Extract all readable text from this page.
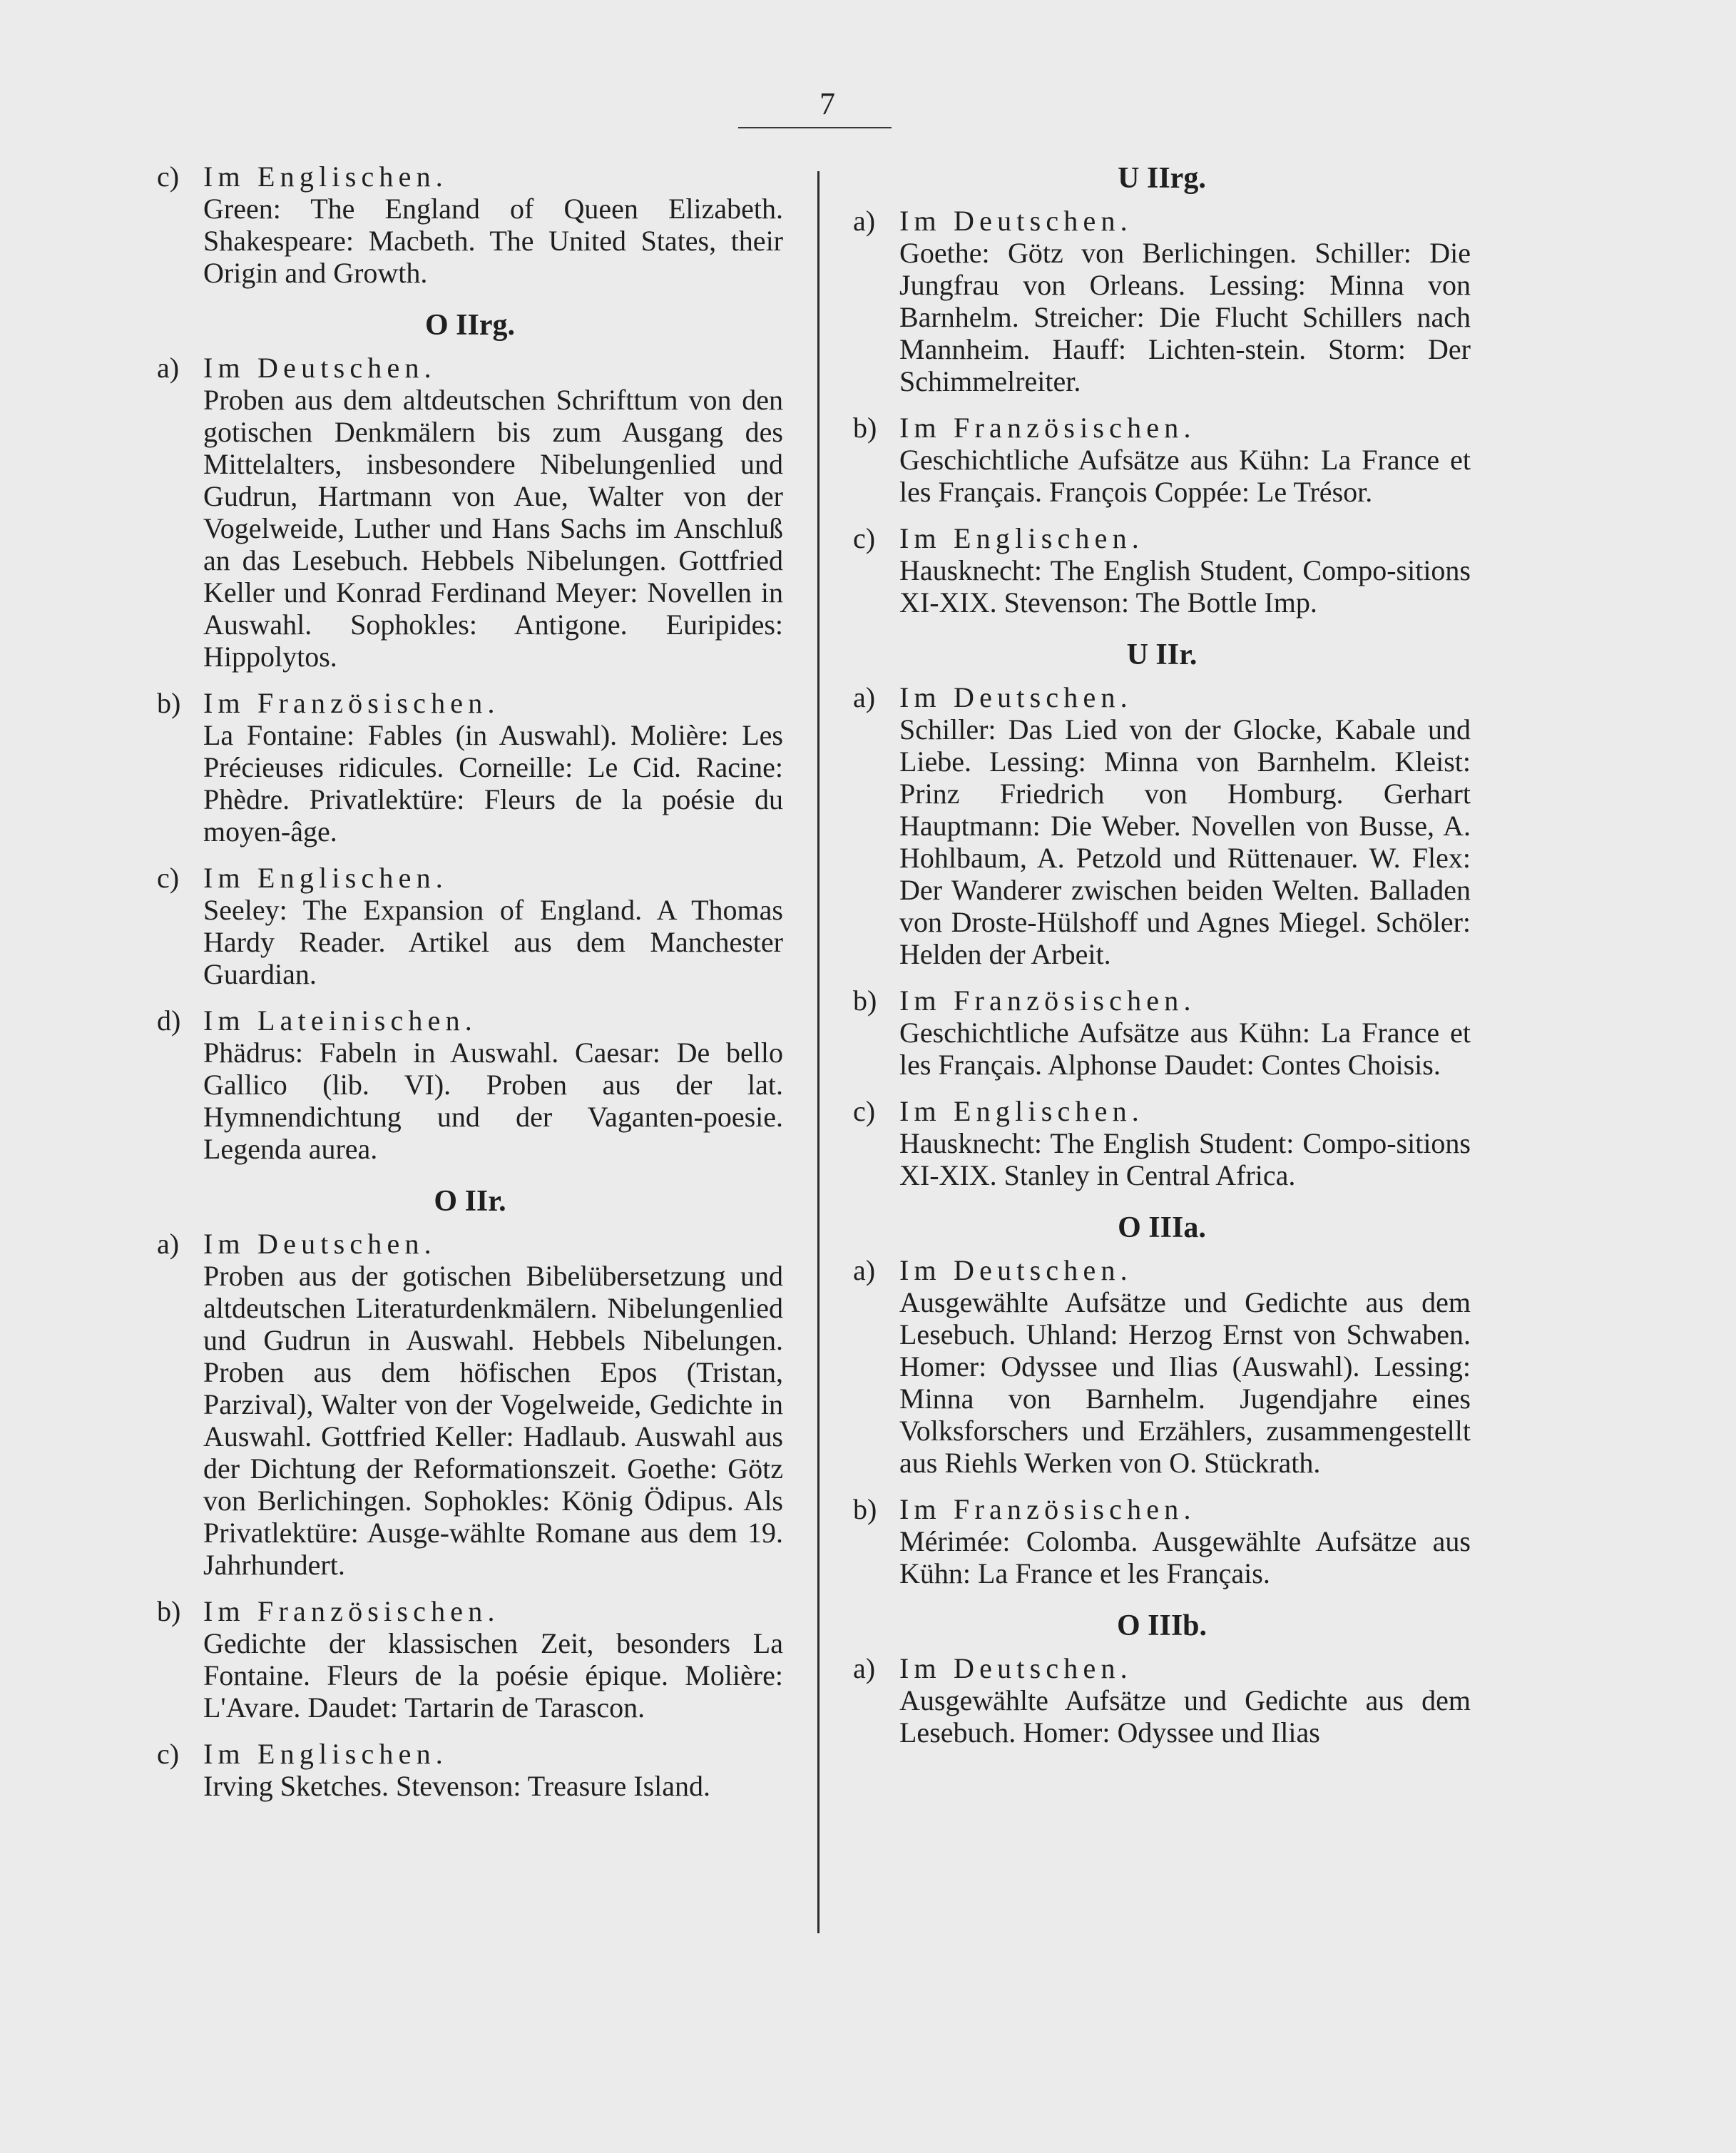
7
c) Im Englischen.

Green: The England of Queen Elizabeth. Shakespeare: Macbeth. The United States, their Origin and Growth.

O IIrg.
a) Im Deutschen.

Proben aus dem altdeutschen Schrifttum von den gotischen Denkmälern bis zum Ausgang des Mittelalters, insbesondere Nibelungenlied und Gudrun, Hartmann von Aue, Walter von der Vogelweide, Luther und Hans Sachs im Anschluß an das Lesebuch. Hebbels Nibelungen. Gottfried Keller und Konrad Ferdinand Meyer: Novellen in Auswahl. Sophokles: Antigone. Euripides: Hippolytos.

b) Im Französischen.

La Fontaine: Fables (in Auswahl). Molière: Les Précieuses ridicules. Corneille: Le Cid. Racine: Phèdre. Privatlektüre: Fleurs de la poésie du moyen-âge.

c) Im Englischen.

Seeley: The Expansion of England. A Thomas Hardy Reader. Artikel aus dem Manchester Guardian.

d) Im Lateinischen.

Phädrus: Fabeln in Auswahl. Caesar: De bello Gallico (lib. VI). Proben aus der lat. Hymnendichtung und der Vaganten-poesie. Legenda aurea.

O IIr.
a) Im Deutschen.

Proben aus der gotischen Bibelübersetzung und altdeutschen Literaturdenkmälern. Nibelungenlied und Gudrun in Auswahl. Hebbels Nibelungen. Proben aus dem höfischen Epos (Tristan, Parzival), Walter von der Vogelweide, Gedichte in Auswahl. Gottfried Keller: Hadlaub. Auswahl aus der Dichtung der Reformationszeit. Goethe: Götz von Berlichingen. Sophokles: König Ödipus. Als Privatlektüre: Ausge-wählte Romane aus dem 19. Jahrhundert.

b) Im Französischen.

Gedichte der klassischen Zeit, besonders La Fontaine. Fleurs de la poésie épique. Molière: L'Avare. Daudet: Tartarin de Tarascon.

c) Im Englischen.

Irving Sketches. Stevenson: Treasure Island.

U IIrg.
a) Im Deutschen.

Goethe: Götz von Berlichingen. Schiller: Die Jungfrau von Orleans. Lessing: Minna von Barnhelm. Streicher: Die Flucht Schillers nach Mannheim. Hauff: Lichten-stein. Storm: Der Schimmelreiter.

b) Im Französischen.

Geschichtliche Aufsätze aus Kühn: La France et les Français. François Coppée: Le Trésor.

c) Im Englischen.

Hausknecht: The English Student, Compo-sitions XI-XIX. Stevenson: The Bottle Imp.

U IIr.
a) Im Deutschen.

Schiller: Das Lied von der Glocke, Kabale und Liebe. Lessing: Minna von Barnhelm. Kleist: Prinz Friedrich von Homburg. Gerhart Hauptmann: Die Weber. Novellen von Busse, A. Hohlbaum, A. Petzold und Rüttenauer. W. Flex: Der Wanderer zwischen beiden Welten. Balladen von Droste-Hülshoff und Agnes Miegel. Schöler: Helden der Arbeit.

b) Im Französischen.

Geschichtliche Aufsätze aus Kühn: La France et les Français. Alphonse Daudet: Contes Choisis.

c) Im Englischen.

Hausknecht: The English Student: Compo-sitions XI-XIX. Stanley in Central Africa.

O IIIa.
a) Im Deutschen.

Ausgewählte Aufsätze und Gedichte aus dem Lesebuch. Uhland: Herzog Ernst von Schwaben. Homer: Odyssee und Ilias (Auswahl). Lessing: Minna von Barnhelm. Jugendjahre eines Volksforschers und Erzählers, zusammengestellt aus Riehls Werken von O. Stückrath.

b) Im Französischen.

Mérimée: Colomba. Ausgewählte Aufsätze aus Kühn: La France et les Français.

O IIIb.
a) Im Deutschen.

Ausgewählte Aufsätze und Gedichte aus dem Lesebuch. Homer: Odyssee und Ilias
